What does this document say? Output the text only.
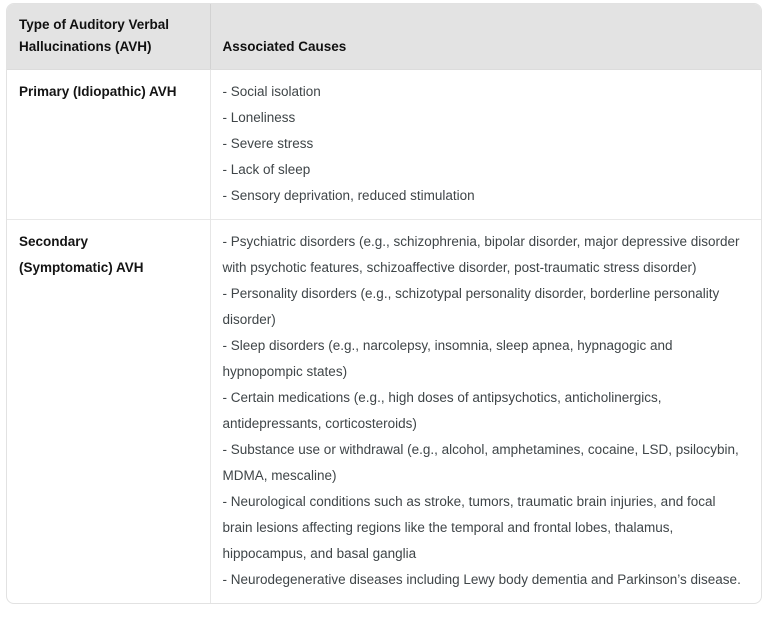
Type of Auditory Verbal Hallucinations (AVH)	Associated Causes

Primary (Idiopathic) AVH	- Social isolation
- Loneliness
- Severe stress
- Lack of sleep
- Sensory deprivation, reduced stimulation

Secondary
(Symptomatic) AVH

- Psychiatric disorders (e.g., schizophrenia, bipolar disorder, major depressive disorder with psychotic features, schizoaffective disorder, post-traumatic stress disorder)
- Personality disorders (e.g., schizotypal personality disorder, borderline personality disorder)
- Sleep disorders (e.g., narcolepsy, insomnia, sleep apnea, hypnagogic and hypnopompic states)
- Certain medications (e.g., high doses of antipsychotics, anticholinergics, antidepressants, corticosteroids)
- Substance use or withdrawal (e.g., alcohol, amphetamines, cocaine, LSD, psilocybin, MDMA, mescaline)
- Neurological conditions such as stroke, tumors, traumatic brain injuries, and focal brain lesions affecting regions like the temporal and frontal lobes, thalamus, hippocampus, and basal ganglia
- Neurodegenerative diseases including Lewy body dementia and Parkinson’s disease.
